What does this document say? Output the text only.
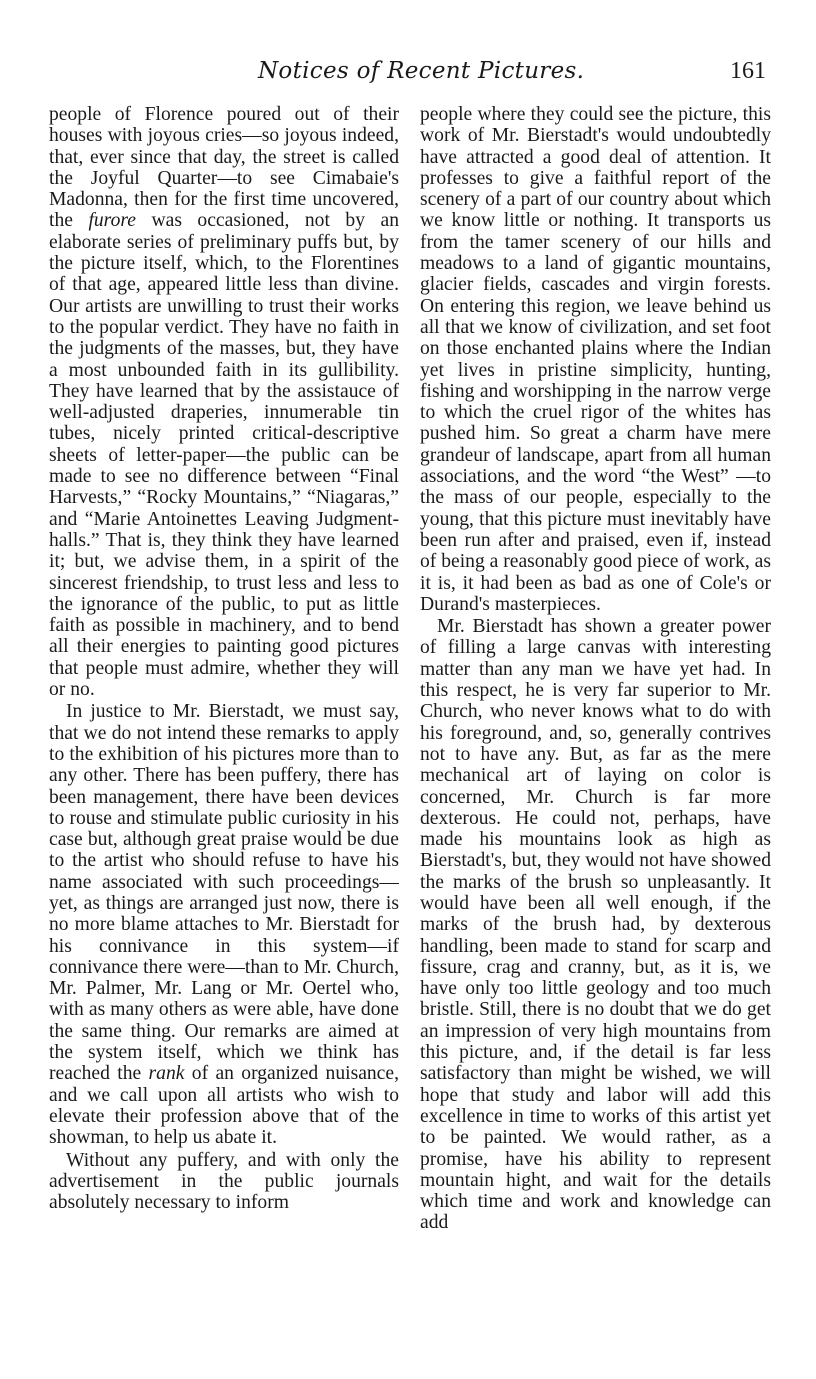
Notices of Recent Pictures.	161

people of Florence poured out of their houses with joyous cries—so joyous indeed, that, ever since that day, the street is called the Joyful Quarter—to see Cimabaie's Madonna, then for the first time uncovered, the furore was occasioned, not by an elaborate series of preliminary puffs but, by the picture itself, which, to the Florentines of that age, appeared little less than divine. Our artists are unwilling to trust their works to the popular verdict. They have no faith in the judgments of the masses, but, they have a most unbounded faith in its gullibility. They have learned that by the assistauce of well-adjusted draperies, innumerable tin tubes, nicely printed critical-descriptive sheets of letter-paper—the public can be made to see no difference between “Final Harvests,” “Rocky Mountains,” “Niagaras,” and “Marie Antoinettes Leaving Judgment-halls.” That is, they think they have learned it; but, we advise them, in a spirit of the sincerest friendship, to trust less and less to the ignorance of the public, to put as little faith as possible in machinery, and to bend all their energies to painting good pictures that people must admire, whether they will or no.

In justice to Mr. Bierstadt, we must say, that we do not intend these remarks to apply to the exhibition of his pictures more than to any other. There has been puffery, there has been management, there have been devices to rouse and stimulate public curiosity in his case but, although great praise would be due to the artist who should refuse to have his name associated with such proceedings—yet, as things are arranged just now, there is no more blame attaches to Mr. Bierstadt for his connivance in this system—if connivance there were—than to Mr. Church, Mr. Palmer, Mr. Lang or Mr. Oertel who, with as many others as were able, have done the same thing. Our remarks are aimed at the system itself, which we think has reached the rank of an organized nuisance, and we call upon all artists who wish to elevate their profession above that of the showman, to help us abate it.

Without any puffery, and with only the advertisement in the public journals absolutely necessary to inform

people where they could see the picture, this work of Mr. Bierstadt's would undoubtedly have attracted a good deal of attention. It professes to give a faithful report of the scenery of a part of our country about which we know little or nothing. It transports us from the tamer scenery of our hills and meadows to a land of gigantic mountains, glacier fields, cascades and virgin forests. On entering this region, we leave behind us all that we know of civilization, and set foot on those enchanted plains where the Indian yet lives in pristine simplicity, hunting, fishing and worshipping in the narrow verge to which the cruel rigor of the whites has pushed him. So great a charm have mere grandeur of landscape, apart from all human associations, and the word “the West” —to the mass of our people, especially to the young, that this picture must inevitably have been run after and praised, even if, instead of being a reasonably good piece of work, as it is, it had been as bad as one of Cole's or Durand's masterpieces.

Mr. Bierstadt has shown a greater power of filling a large canvas with interesting matter than any man we have yet had. In this respect, he is very far superior to Mr. Church, who never knows what to do with his foreground, and, so, generally contrives not to have any. But, as far as the mere mechanical art of laying on color is concerned, Mr. Church is far more dexterous. He could not, perhaps, have made his mountains look as high as Bierstadt's, but, they would not have showed the marks of the brush so unpleasantly. It would have been all well enough, if the marks of the brush had, by dexterous handling, been made to stand for scarp and fissure, crag and cranny, but, as it is, we have only too little geology and too much bristle. Still, there is no doubt that we do get an impression of very high mountains from this picture, and, if the detail is far less satisfactory than might be wished, we will hope that study and labor will add this excellence in time to works of this artist yet to be painted. We would rather, as a promise, have his ability to represent mountain hight, and wait for the details which time and work and knowledge can add
